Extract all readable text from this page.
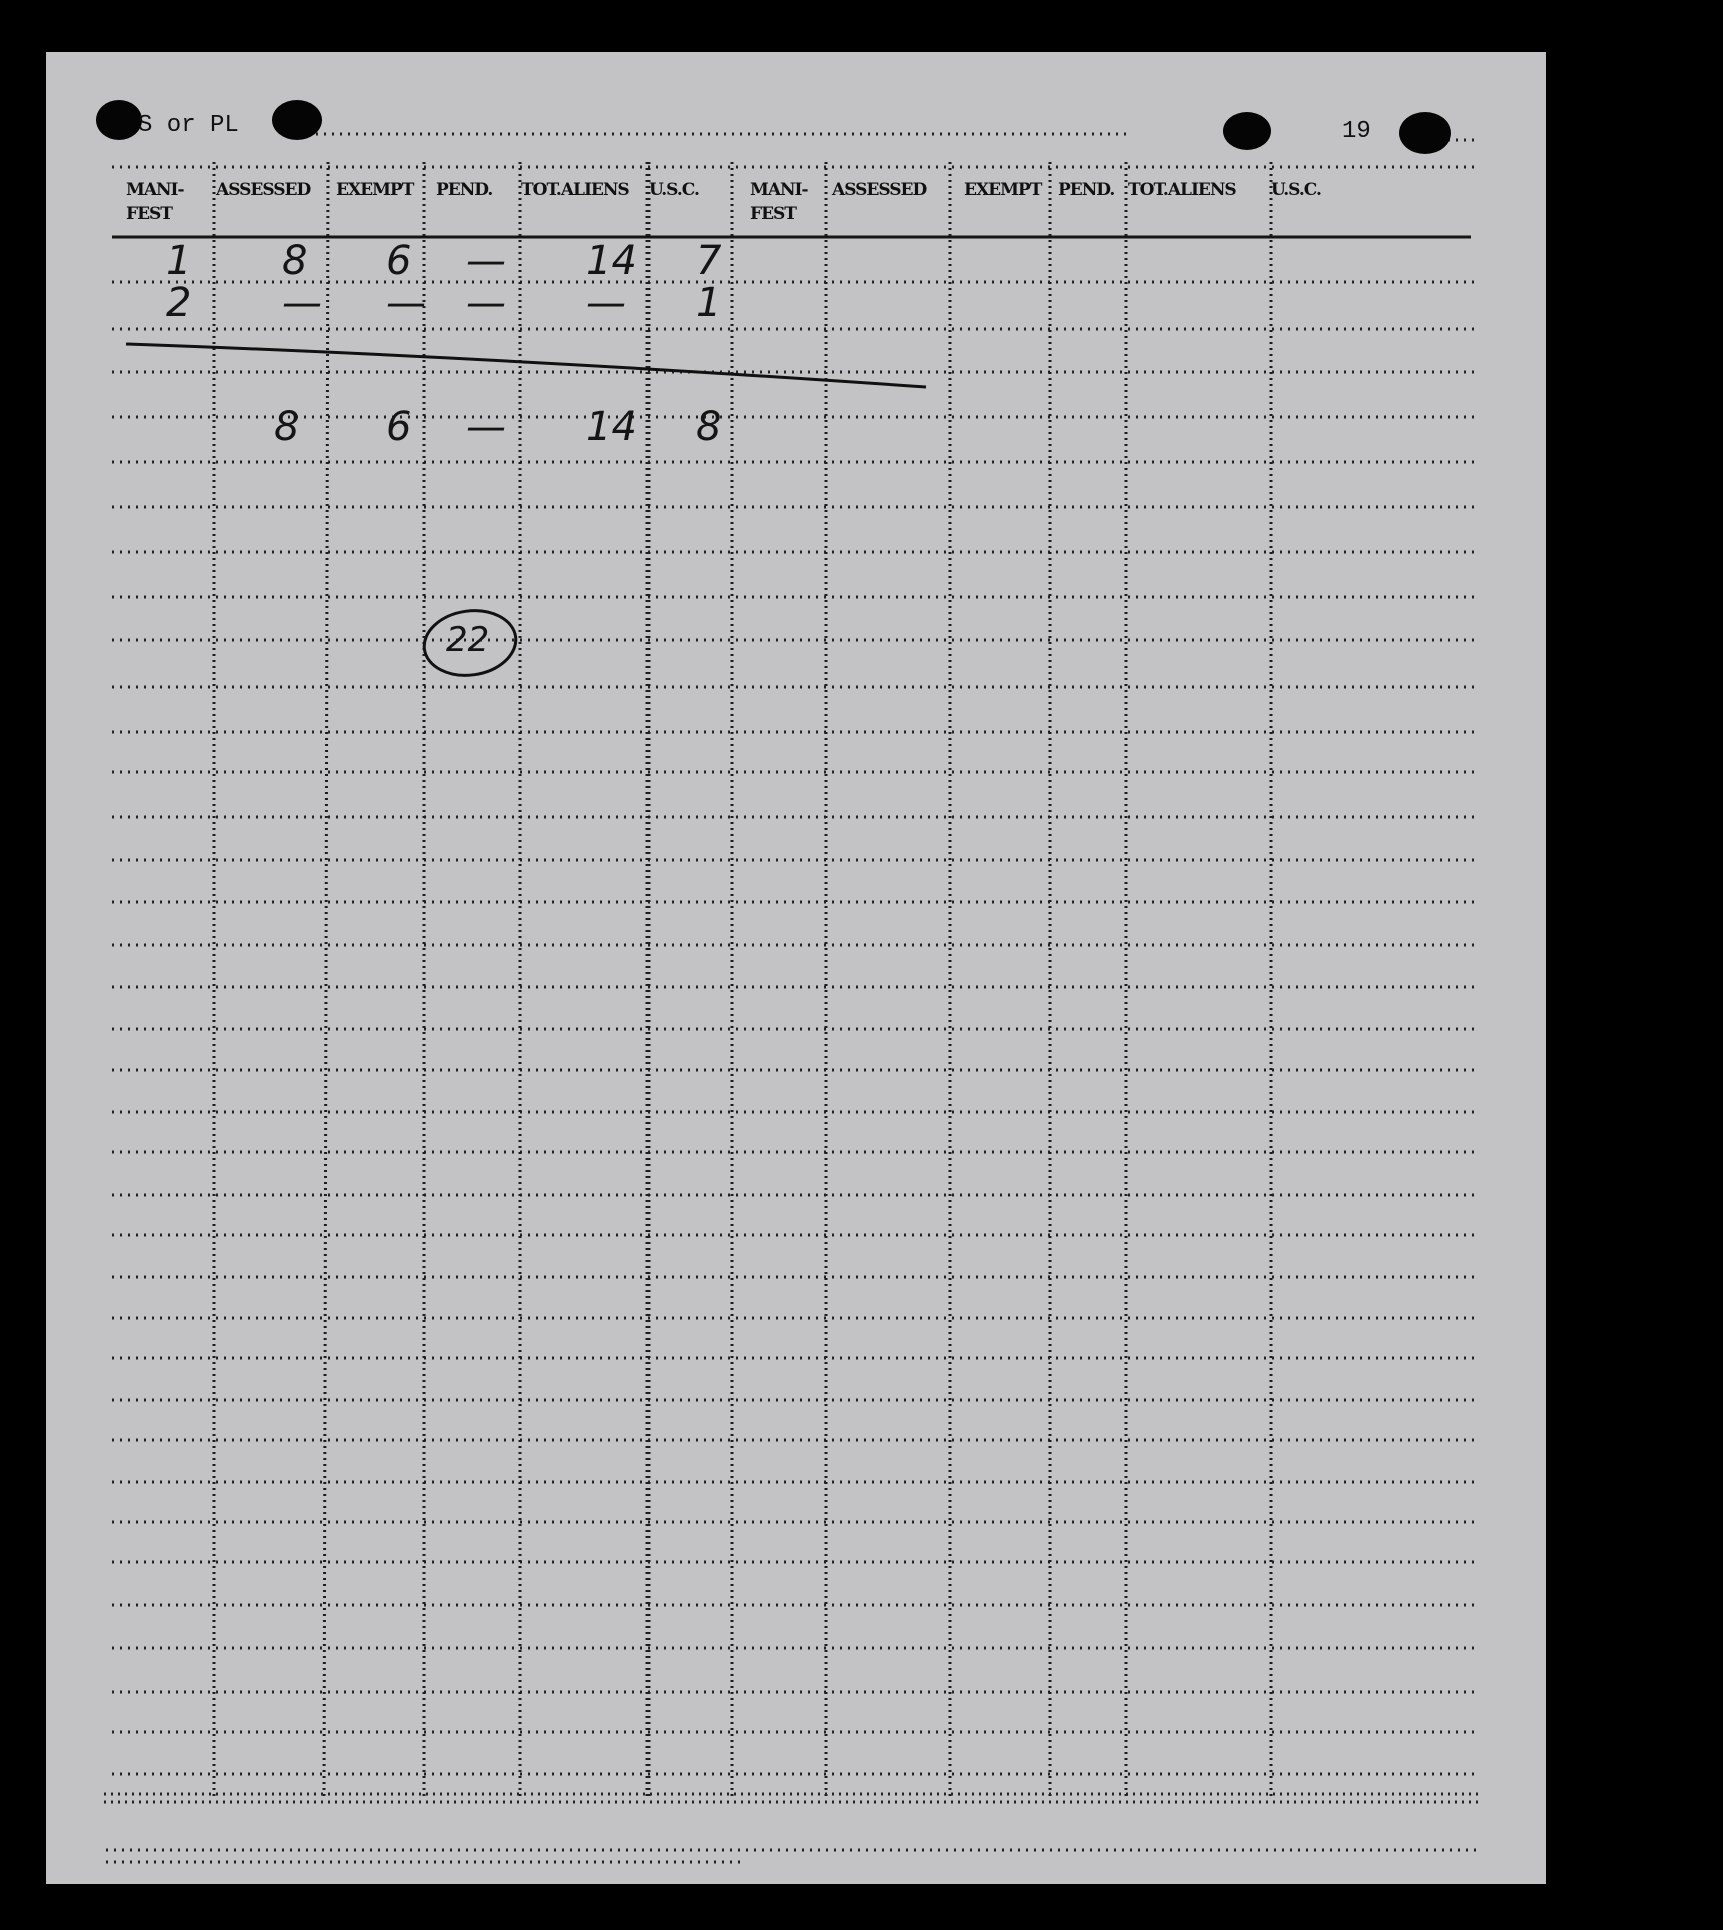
S or PL	19
MANI-
FEST
ASSESSED EXEMPT PEND. TOT.ALIENS U.S.C.	MANI-
FEST
ASSESSED EXEMPT PEND. TOT.ALIENS U.S.C.
1 8 6 — 14 7
2 — — — — 1
8 6 — 14 8
22
